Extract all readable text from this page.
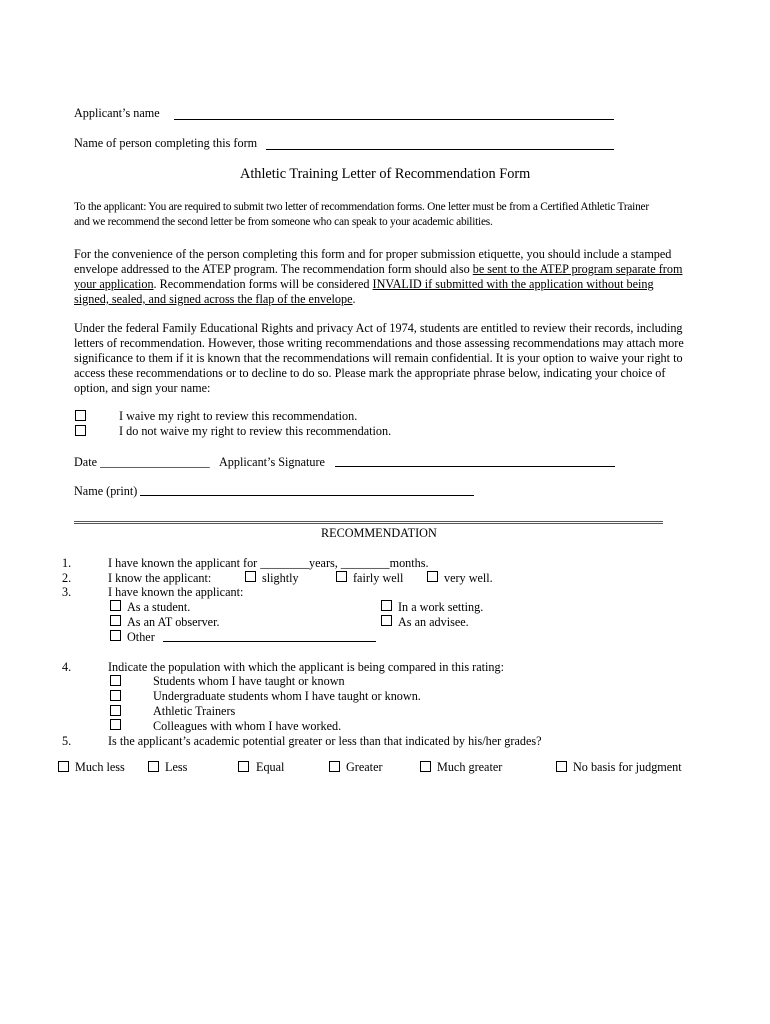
Applicant’s name
Name of person completing this form
Athletic Training Letter of Recommendation Form
To the applicant: You are required to submit two letter of recommendation forms. One letter must be from a Certified Athletic Trainer
and we recommend the second letter be from someone who can speak to your academic abilities.
For the convenience of the person completing this form and for proper submission etiquette, you should include a stamped
envelope addressed to the ATEP program. The recommendation form should also be sent to the ATEP program separate from
your application. Recommendation forms will be considered INVALID if submitted with the application without being
signed, sealed, and signed across the flap of the envelope.
Under the federal Family Educational Rights and privacy Act of 1974, students are entitled to review their records, including
letters of recommendation. However, those writing recommendations and those assessing recommendations may attach more
significance to them if it is known that the recommendations will remain confidential. It is your option to waive your right to
access these recommendations or to decline to do so. Please mark the appropriate phrase below, indicating your choice of
option, and sign your name:
I waive my right to review this recommendation.
I do not waive my right to review this recommendation.
Date __________________ Applicant’s Signature
Name (print)
RECOMMENDATION
1.	I have known the applicant for ________years, ________months.
2.	I know the applicant:	slightly	fairly well	very well.
3.	I have known the applicant:
As a student.	In a work setting.
As an AT observer.	As an advisee.
Other
4.	Indicate the population with which the applicant is being compared in this rating:
Students whom I have taught or known
Undergraduate students whom I have taught or known.
Athletic Trainers
Colleagues with whom I have worked.
5.	Is the applicant’s academic potential greater or less than that indicated by his/her grades?
Much less	Less	Equal	Greater	Much greater	No basis for judgment
